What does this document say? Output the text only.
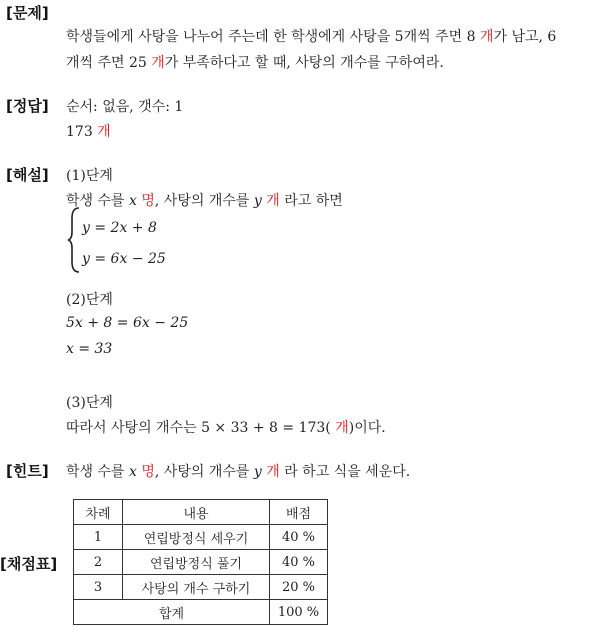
[문제]
학생들에게 사탕을 나누어 주는데 한 학생에게 사탕을 5개씩 주면 8 개가 남고, 6
개씩 주면 25 개가 부족하다고 할 때, 사탕의 개수를 구하여라.
[정답] 순서: 없음, 갯수: 1
173 개
[해설] (1)단계
학생 수를 x 명, 사탕의 개수를 y 개 라고 하면
y = 2x + 8
y = 6x − 25
(2)단계
5x + 8 = 6x − 25
x = 33
(3)단계
따라서 사탕의 개수는 5 × 33 + 8 = 173( 개)이다.
[힌트] 학생 수를 x 명, 사탕의 개수를 y 개 라 하고 식을 세운다.
[채점표]
차례	내용	배점
1	연립방정식 세우기	40 %
2	연립방정식 풀기	40 %
3	사탕의 개수 구하기	20 %
합계		100 %
